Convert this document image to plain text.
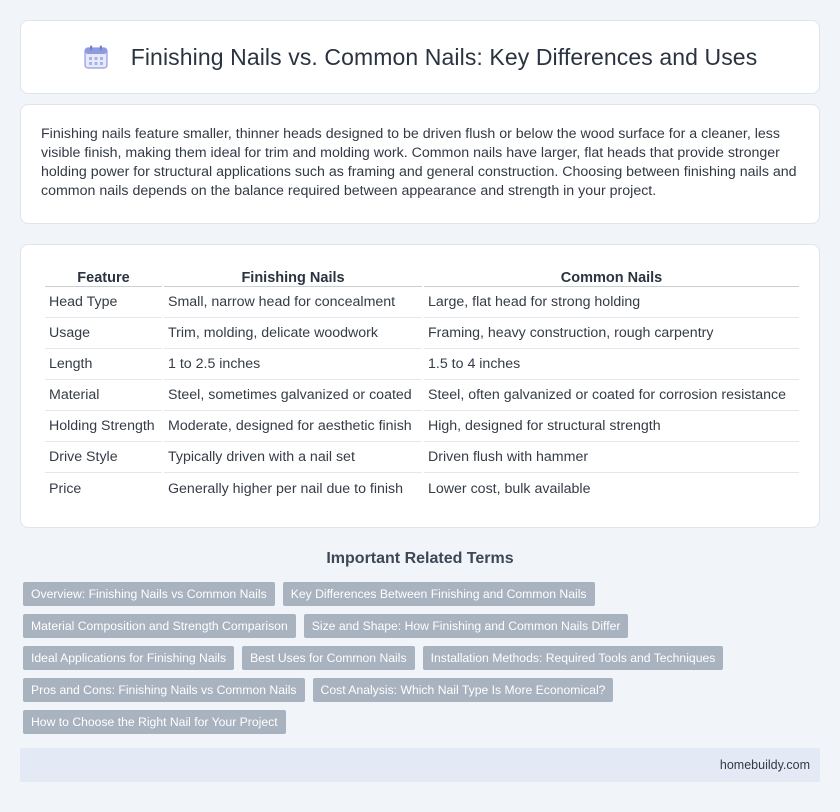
Finishing Nails vs. Common Nails: Key Differences and Uses

Finishing nails feature smaller, thinner heads designed to be driven flush or below the wood surface for a cleaner, less visible finish, making them ideal for trim and molding work. Common nails have larger, flat heads that provide stronger holding power for structural applications such as framing and general construction. Choosing between finishing nails and common nails depends on the balance required between appearance and strength in your project.

Feature	Finishing Nails	Common Nails
Head Type	Small, narrow head for concealment	Large, flat head for strong holding
Usage	Trim, molding, delicate woodwork	Framing, heavy construction, rough carpentry
Length	1 to 2.5 inches	1.5 to 4 inches
Material	Steel, sometimes galvanized or coated	Steel, often galvanized or coated for corrosion resistance
Holding Strength	Moderate, designed for aesthetic finish	High, designed for structural strength
Drive Style	Typically driven with a nail set	Driven flush with hammer
Price	Generally higher per nail due to finish	Lower cost, bulk available
Important Related Terms
Overview: Finishing Nails vs Common Nails	Key Differences Between Finishing and Common Nails
Material Composition and Strength Comparison	Size and Shape: How Finishing and Common Nails Differ
Ideal Applications for Finishing Nails	Best Uses for Common Nails	Installation Methods: Required Tools and Techniques
Pros and Cons: Finishing Nails vs Common Nails	Cost Analysis: Which Nail Type Is More Economical?
How to Choose the Right Nail for Your Project
homebuildy.com
